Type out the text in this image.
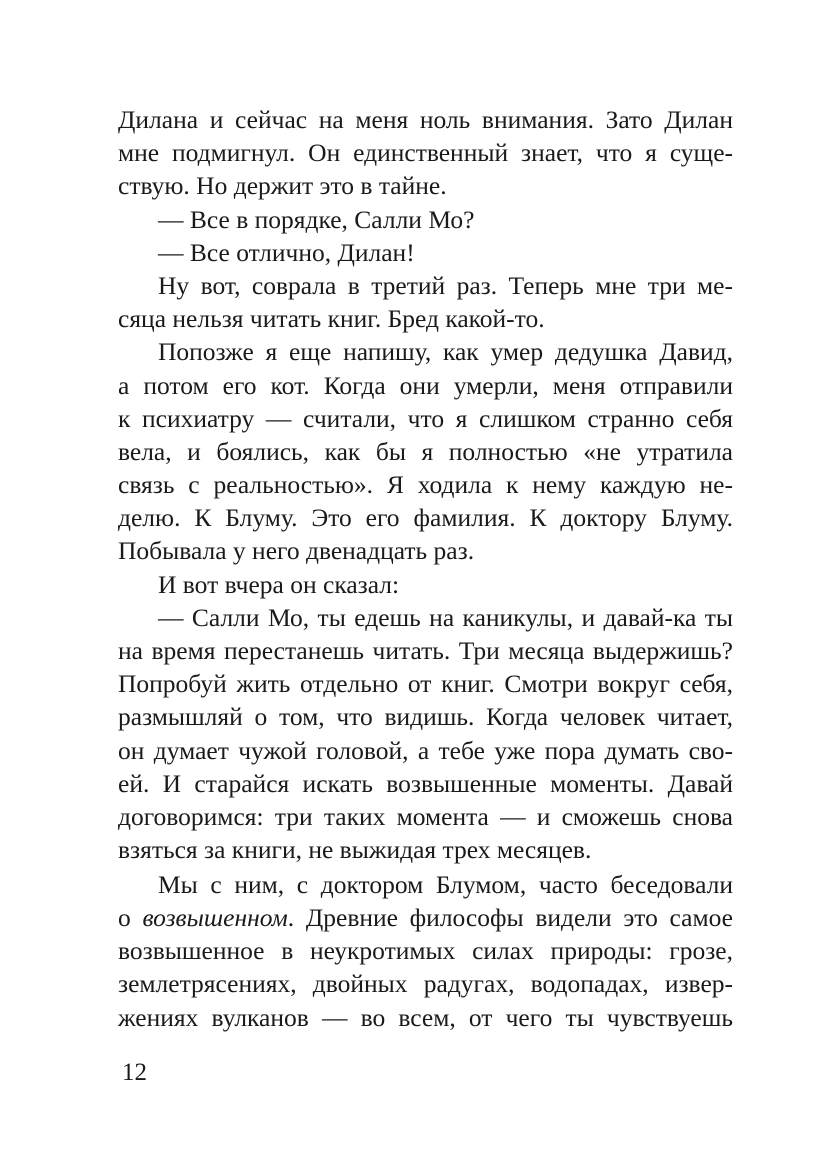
Дилана и сейчас на меня ноль внимания. Зато Дилан
мне подмигнул. Он единственный знает, что я суще-
ствую. Но держит это в тайне.
— Все в порядке, Салли Мо?
— Все отлично, Дилан!
Ну вот, соврала в третий раз. Теперь мне три ме-
сяца нельзя читать книг. Бред какой-то.
Попозже я еще напишу, как умер дедушка Давид,
а потом его кот. Когда они умерли, меня отправили
к психиатру — считали, что я слишком странно себя
вела, и боялись, как бы я полностью «не утратила
связь с реальностью». Я ходила к нему каждую не-
делю. К Блуму. Это его фамилия. К доктору Блуму.
Побывала у него двенадцать раз.
И вот вчера он сказал:
— Салли Мо, ты едешь на каникулы, и давай-ка ты
на время перестанешь читать. Три месяца выдержишь?
Попробуй жить отдельно от книг. Смотри вокруг себя,
размышляй о том, что видишь. Когда человек читает,
он думает чужой головой, а тебе уже пора думать сво-
ей. И старайся искать возвышенные моменты. Давай
договоримся: три таких момента — и сможешь снова
взяться за книги, не выжидая трех месяцев.
Мы с ним, с доктором Блумом, часто беседовали
о возвышенном. Древние философы видели это самое
возвышенное в неукротимых силах природы: грозе,
землетрясениях, двойных радугах, водопадах, извер-
жениях вулканов — во всем, от чего ты чувствуешь
12
